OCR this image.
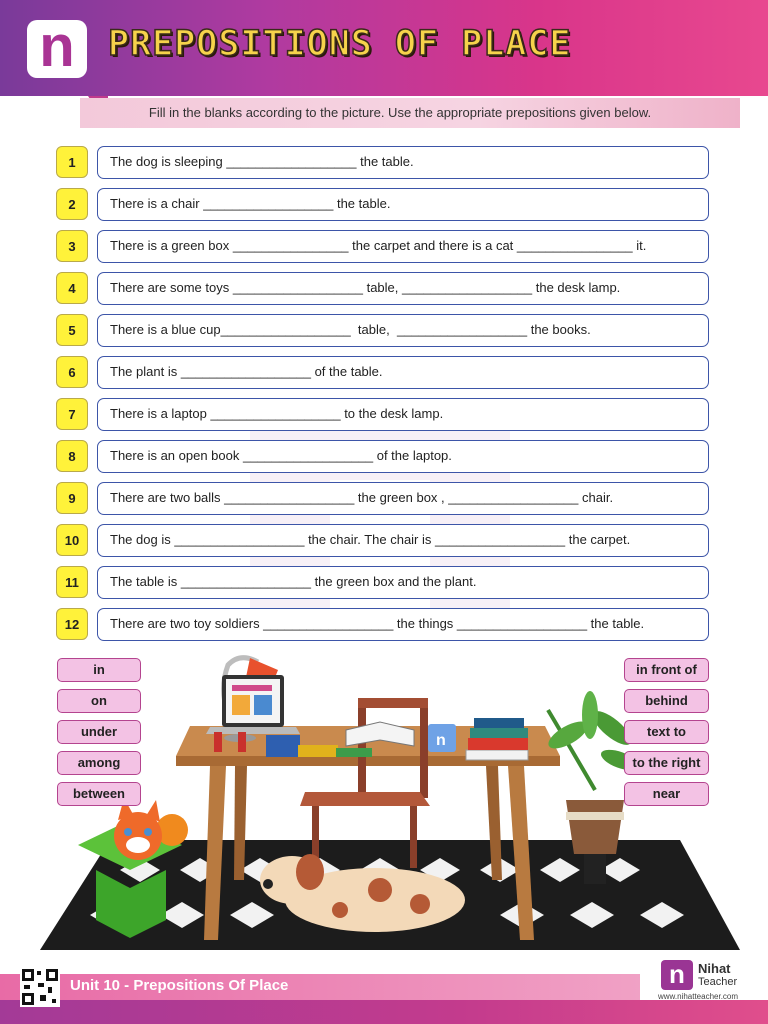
n PREPOSITIONS OF PLACE
Fill in the blanks according to the picture. Use the appropriate prepositions given below.
1	The dog is sleeping __________________ the table.
2	There is a chair __________________ the table.
3	There is a green box ________________ the carpet and there is a cat ________________ it.
4	There are some toys __________________ table, __________________ the desk lamp.
5	There is a blue cup__________________  table,  __________________ the books.
6	The plant is __________________ of the table.
7	There is a laptop __________________ to the desk lamp.
8	There is an open book __________________ of the laptop.
9	There are two balls __________________ the green box , __________________ chair.
10	The dog is __________________ the chair. The chair is __________________ the carpet.
11	The table is __________________ the green box and the plant.
12	There are two toy soldiers __________________ the things __________________ the table.
n
in
on
under
among
between
in front of
behind
text to
to the right
near
Unit 10 - Prepositions Of Place	n	Nihat
Teacher
www.nihatteacher.com
